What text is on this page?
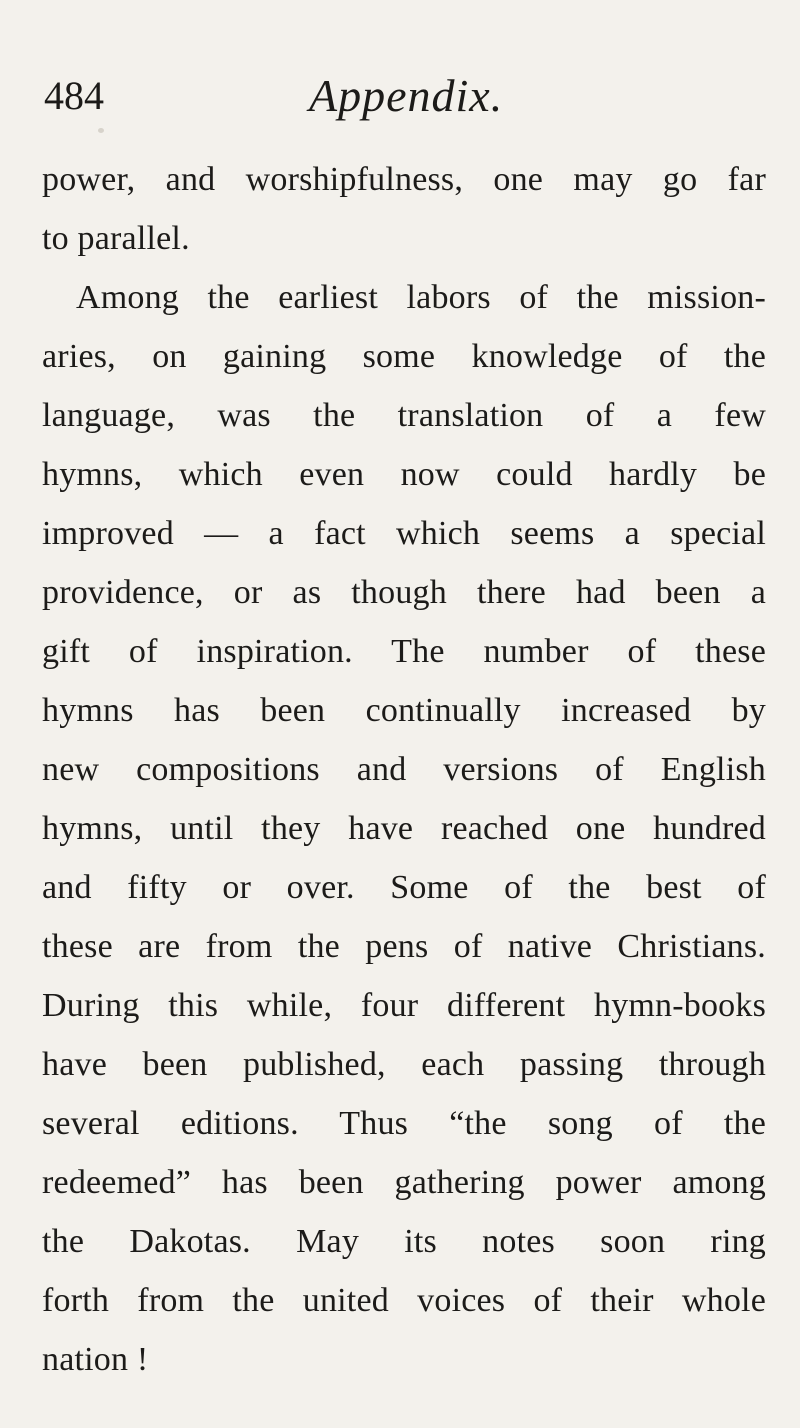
484	Appendix.
power, and worshipfulness, one may go far
to parallel.
Among the earliest labors of the mission-
aries, on gaining some knowledge of the
language, was the translation of a few
hymns, which even now could hardly be
improved — a fact which seems a special
providence, or as though there had been a
gift of inspiration. The number of these
hymns has been continually increased by
new compositions and versions of English
hymns, until they have reached one hundred
and fifty or over. Some of the best of
these are from the pens of native Christians.
During this while, four different hymn-books
have been published, each passing through
several editions. Thus “the song of the
redeemed” has been gathering power among
the Dakotas. May its notes soon ring
forth from the united voices of their whole
nation !
